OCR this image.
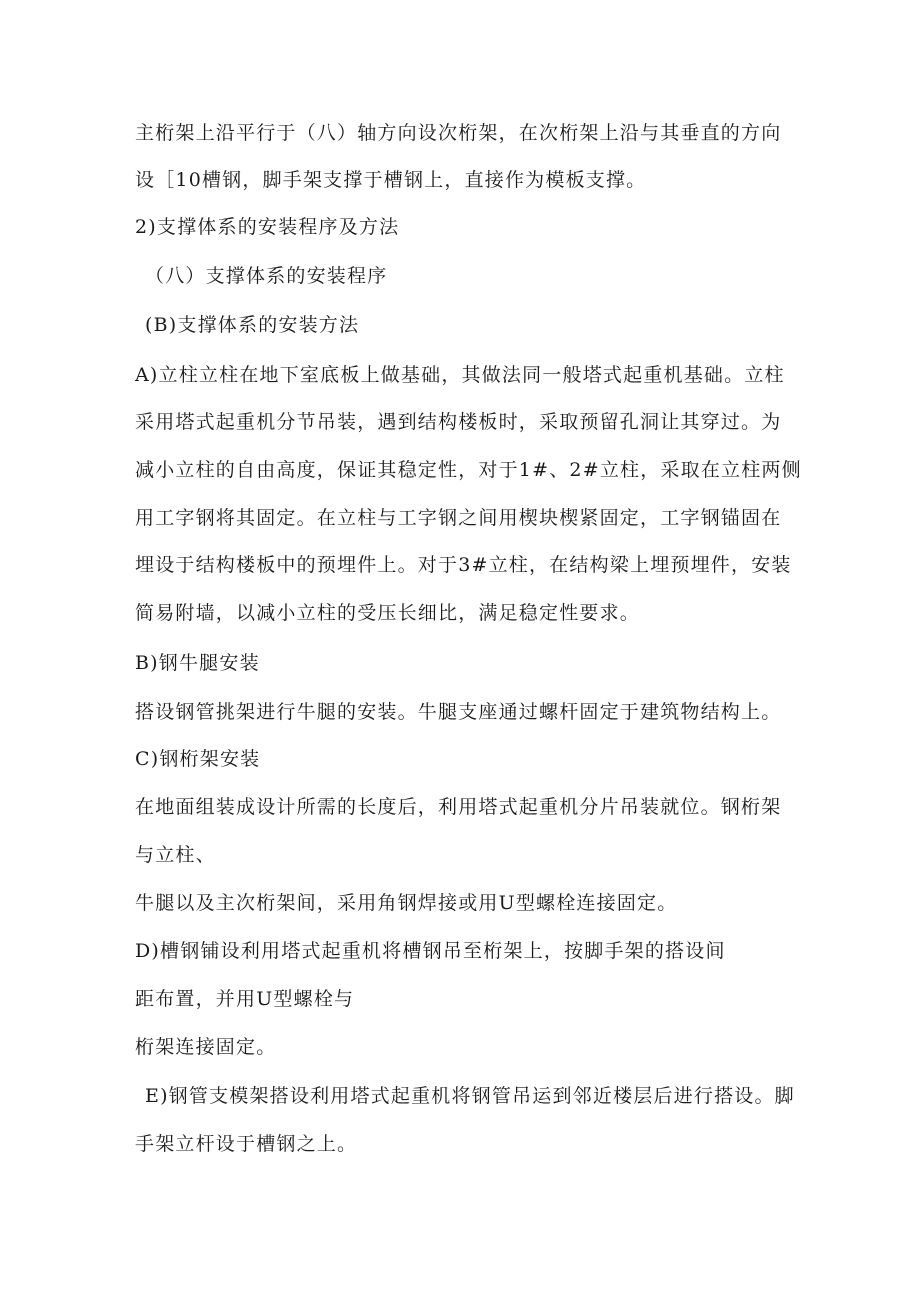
主桁架上沿平行于（八）轴方向设次桁架，在次桁架上沿与其垂直的方向
设［10槽钢，脚手架支撑于槽钢上，直接作为模板支撑。
2)支撑体系的安装程序及方法
（八）支撑体系的安装程序
(B)支撑体系的安装方法
A)立柱立柱在地下室底板上做基础，其做法同一般塔式起重机基础。立柱
采用塔式起重机分节吊装，遇到结构楼板时，采取预留孔洞让其穿过。为
减小立柱的自由高度，保证其稳定性，对于1#、2#立柱，采取在立柱两侧
用工字钢将其固定。在立柱与工字钢之间用楔块楔紧固定，工字钢锚固在
埋设于结构楼板中的预埋件上。对于3#立柱，在结构梁上埋预埋件，安装
简易附墙，以减小立柱的受压长细比，满足稳定性要求。
B)钢牛腿安装
搭设钢管挑架进行牛腿的安装。牛腿支座通过螺杆固定于建筑物结构上。
C)钢桁架安装
在地面组装成设计所需的长度后，利用塔式起重机分片吊装就位。钢桁架
与立柱、
牛腿以及主次桁架间，采用角钢焊接或用U型螺栓连接固定。
D)槽钢铺设利用塔式起重机将槽钢吊至桁架上，按脚手架的搭设间
距布置，并用U型螺栓与
桁架连接固定。
E)钢管支模架搭设利用塔式起重机将钢管吊运到邻近楼层后进行搭设。脚
手架立杆设于槽钢之上。
